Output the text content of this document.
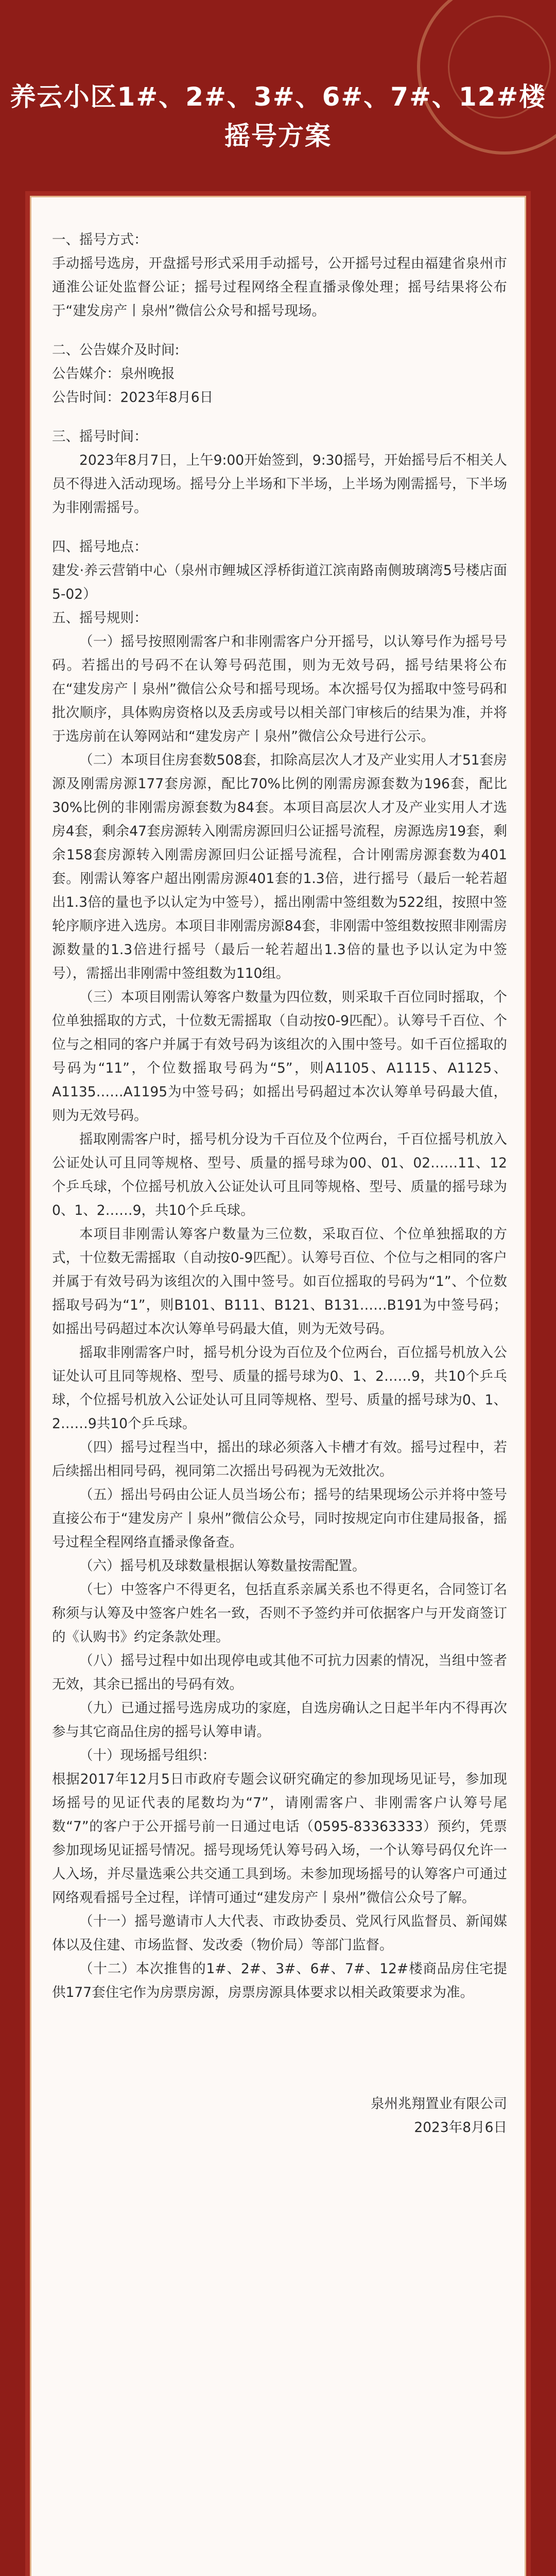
养云小区1#、2#、3#、6#、7#、12#楼
摇号方案

一、摇号方式：

手动摇号选房，开盘摇号形式采用手动摇号，公开摇号过程由福建省泉州市通淮公证处监督公证；摇号过程网络全程直播录像处理；摇号结果将公布于“建发房产丨泉州”微信公众号和摇号现场。

二、公告媒介及时间:

公告媒介：泉州晚报

公告时间：2023年8月6日

三、摇号时间：

2023年8月7日，上午9:00开始签到，9:30摇号，开始摇号后不相关人员不得进入活动现场。摇号分上半场和下半场，上半场为刚需摇号，下半场为非刚需摇号。

四、摇号地点：

建发·养云营销中心（泉州市鲤城区浮桥街道江滨南路南侧玻璃湾5号楼店面5-02）

五、摇号规则：

（一）摇号按照刚需客户和非刚需客户分开摇号，以认筹号作为摇号号码。若摇出的号码不在认筹号码范围，则为无效号码，摇号结果将公布在“建发房产丨泉州”微信公众号和摇号现场。本次摇号仅为摇取中签号码和批次顺序，具体购房资格以及丢房或号以相关部门审核后的结果为准，并将于选房前在认筹网站和“建发房产丨泉州”微信公众号进行公示。

（二）本项目住房套数508套，扣除高层次人才及产业实用人才51套房源及刚需房源177套房源，配比70%比例的刚需房源套数为196套，配比30%比例的非刚需房源套数为84套。本项目高层次人才及产业实用人才选房4套，剩余47套房源转入刚需房源回归公证摇号流程，房源选房19套，剩余158套房源转入刚需房源回归公证摇号流程，合计刚需房源套数为401套。刚需认筹客户超出刚需房源401套的1.3倍，进行摇号（最后一轮若超出1.3倍的量也予以认定为中签号），摇出刚需中签组数为522组，按照中签轮序顺序进入选房。本项目非刚需房源84套，非刚需中签组数按照非刚需房源数量的1.3倍进行摇号（最后一轮若超出1.3倍的量也予以认定为中签号），需摇出非刚需中签组数为110组。

（三）本项目刚需认筹客户数量为四位数，则采取千百位同时摇取，个位单独摇取的方式，十位数无需摇取（自动按0-9匹配）。认筹号千百位、个位与之相同的客户并属于有效号码为该组次的入围中签号。如千百位摇取的号码为“11”，个位数摇取号码为“5”，则A1105、A1115、A1125、A1135……A1195为中签号码；如摇出号码超过本次认筹单号码最大值，则为无效号码。

摇取刚需客户时，摇号机分设为千百位及个位两台，千百位摇号机放入公证处认可且同等规格、型号、质量的摇号球为00、01、02……11、12 个乒乓球，个位摇号机放入公证处认可且同等规格、型号、质量的摇号球为0、1、2……9，共10个乒乓球。

本项目非刚需认筹客户数量为三位数，采取百位、个位单独摇取的方式，十位数无需摇取（自动按0-9匹配）。认筹号百位、个位与之相同的客户并属于有效号码为该组次的入围中签号。如百位摇取的号码为“1”、个位数摇取号码为“1”，则B101、B111、B121、B131……B191为中签号码；如摇出号码超过本次认筹单号码最大值，则为无效号码。

摇取非刚需客户时，摇号机分设为百位及个位两台，百位摇号机放入公证处认可且同等规格、型号、质量的摇号球为0、1、2……9，共10个乒乓球，个位摇号机放入公证处认可且同等规格、型号、质量的摇号球为0、1、2……9共10个乒乓球。

（四）摇号过程当中，摇出的球必须落入卡槽才有效。摇号过程中，若后续摇出相同号码，视同第二次摇出号码视为无效批次。

（五）摇出号码由公证人员当场公布；摇号的结果现场公示并将中签号直接公布于“建发房产丨泉州”微信公众号，同时按规定向市住建局报备，摇号过程全程网络直播录像备查。

（六）摇号机及球数量根据认筹数量按需配置。

（七）中签客户不得更名，包括直系亲属关系也不得更名，合同签订名称须与认筹及中签客户姓名一致，否则不予签约并可依据客户与开发商签订的《认购书》约定条款处理。

（八）摇号过程中如出现停电或其他不可抗力因素的情况，当组中签者无效，其余已摇出的号码有效。

（九）已通过摇号选房成功的家庭，自选房确认之日起半年内不得再次参与其它商品住房的摇号认筹申请。

（十）现场摇号组织：

根据2017年12月5日市政府专题会议研究确定的参加现场见证号，参加现场摇号的见证代表的尾数均为“7”，请刚需客户、非刚需客户认筹号尾数“7”的客户于公开摇号前一日通过电话（0595-83363333）预约，凭票参加现场见证摇号情况。摇号现场凭认筹号码入场，一个认筹号码仅允许一人入场，并尽量选乘公共交通工具到场。未参加现场摇号的认筹客户可通过网络观看摇号全过程，详情可通过“建发房产丨泉州”微信公众号了解。

（十一）摇号邀请市人大代表、市政协委员、党风行风监督员、新闻媒体以及住建、市场监督、发改委（物价局）等部门监督。

（十二）本次推售的1#、2#、3#、6#、7#、12#楼商品房住宅提供177套住宅作为房票房源，房票房源具体要求以相关政策要求为准。

泉州兆翔置业有限公司

2023年8月6日
